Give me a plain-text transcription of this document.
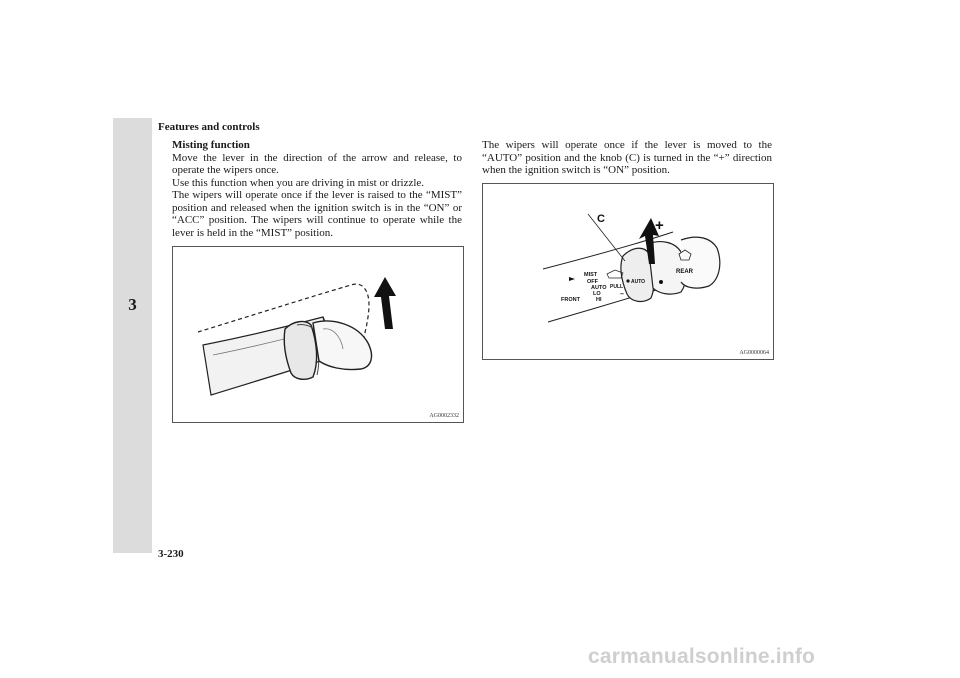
3
Features and controls
Misting function
Move the lever in the direction of the arrow and release, to operate the wipers once.
Use this function when you are driving in mist or drizzle.
The wipers will operate once if the lever is raised to the “MIST” position and released when the ignition switch is in the “ON” or “ACC” position. The wipers will continue to operate while the lever is held in the “MIST” position.
The wipers will operate once if the lever is moved to the “AUTO” position and the knob (C) is turned in the “+” direction when the ignition switch is “ON” position.
AG0002332
C	+
–
FRONT
MIST
OFF
AUTO
LO
HI
PULL
AUTO
REAR
AG0000064
3-230
carmanualsonline.info
